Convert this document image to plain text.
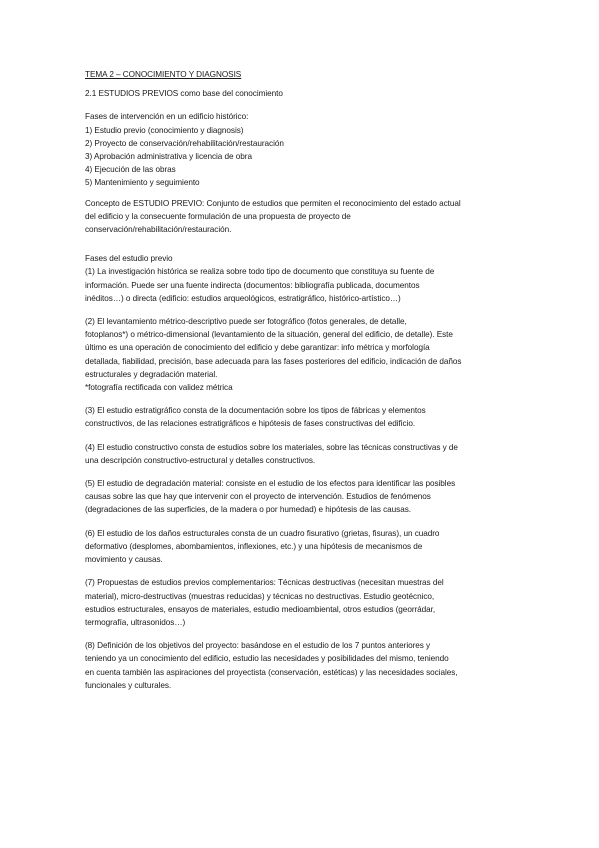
TEMA 2 – CONOCIMIENTO Y DIAGNOSIS
2.1 ESTUDIOS PREVIOS como base del conocimiento
Fases de intervención en un edificio histórico:
1) Estudio previo (conocimiento y diagnosis)
2) Proyecto de conservación/rehabilitación/restauración
3) Aprobación administrativa y licencia de obra
4) Ejecución de las obras
5) Mantenimiento y seguimiento
Concepto de ESTUDIO PREVIO: Conjunto de estudios que permiten el reconocimiento del estado actual
del edificio y la consecuente formulación de una propuesta de proyecto de
conservación/rehabilitación/restauración.
Fases del estudio previo
(1) La investigación histórica se realiza sobre todo tipo de documento que constituya su fuente de
información. Puede ser una fuente indirecta (documentos: bibliografía publicada, documentos
inéditos…) o directa (edificio: estudios arqueológicos, estratigráfico, histórico-artístico…)
(2) El levantamiento métrico-descriptivo puede ser fotográfico (fotos generales, de detalle,
fotoplanos*) o métrico-dimensional (levantamiento de la situación, general del edificio, de detalle). Este
último es una operación de conocimiento del edificio y debe garantizar: info métrica y morfología
detallada, fiabilidad, precisión, base adecuada para las fases posteriores del edificio, indicación de daños
estructurales y degradación material.
*fotografía rectificada con validez métrica
(3) El estudio estratigráfico consta de la documentación sobre los tipos de fábricas y elementos
constructivos, de las relaciones estratigráficos e hipótesis de fases constructivas del edificio.
(4) El estudio constructivo consta de estudios sobre los materiales, sobre las técnicas constructivas y de
una descripción constructivo-estructural y detalles constructivos.
(5) El estudio de degradación material: consiste en el estudio de los efectos para identificar las posibles
causas sobre las que hay que intervenir con el proyecto de intervención. Estudios de fenómenos
(degradaciones de las superficies, de la madera o por humedad) e hipótesis de las causas.
(6) El estudio de los daños estructurales consta de un cuadro fisurativo (grietas, fisuras), un cuadro
deformativo (desplomes, abombamientos, inflexiones, etc.) y una hipótesis de mecanismos de
movimiento y causas.
(7) Propuestas de estudios previos complementarios: Técnicas destructivas (necesitan muestras del
material), micro-destructivas (muestras reducidas) y técnicas no destructivas. Estudio geotécnico,
estudios estructurales, ensayos de materiales, estudio medioambiental, otros estudios (georrádar,
termografía, ultrasonidos…)
(8) Definición de los objetivos del proyecto: basándose en el estudio de los 7 puntos anteriores y
teniendo ya un conocimiento del edificio, estudio las necesidades y posibilidades del mismo, teniendo
en cuenta también las aspiraciones del proyectista (conservación, estéticas) y las necesidades sociales,
funcionales y culturales.
